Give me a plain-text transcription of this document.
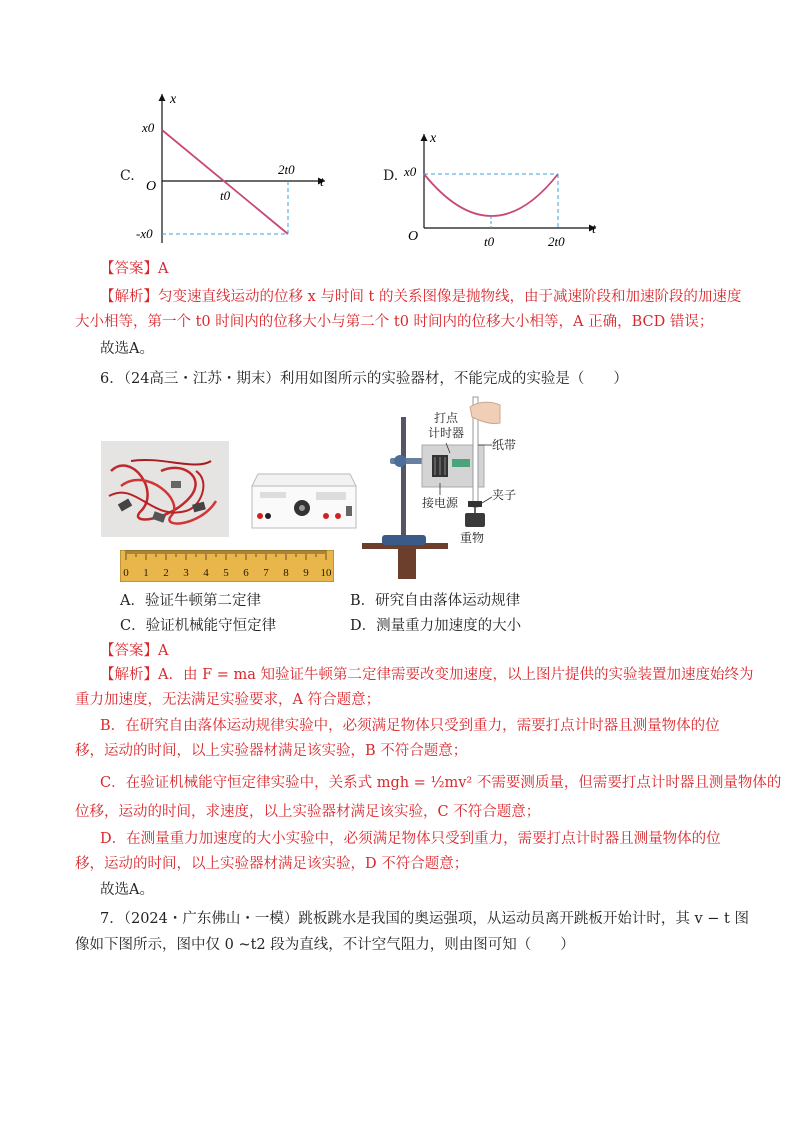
C.
x
t
O
x0
-x0
t0
2t0	D.
x
t
O
x0
t0	2t0
【答案】A
【解析】匀变速直线运动的位移 x 与时间 t 的关系图像是抛物线，由于减速阶段和加速阶段的加速度
大小相等，第一个 t0 时间内的位移大小与第二个 t0 时间内的位移大小相等，A 正确，BCD 错误；
故选A。
6．（24高三・江苏・期末）利用如图所示的实验器材，不能完成的实验是（　　）
打点
计时器
纸带
接电源
夹子
重物
0 1 2 3 4 5 6 7 8 9 10
A．验证牛顿第二定律	B．研究自由落体运动规律
C．验证机械能守恒定律	D．测量重力加速度的大小
【答案】A
【解析】A．由 F = ma 知验证牛顿第二定律需要改变加速度，以上图片提供的实验装置加速度始终为
重力加速度，无法满足实验要求，A 符合题意；
B．在研究自由落体运动规律实验中，必须满足物体只受到重力，需要打点计时器且测量物体的位
移，运动的时间，以上实验器材满足该实验，B 不符合题意；
C．在验证机械能守恒定律实验中，关系式 mgh = ½mv² 不需要测质量，但需要打点计时器且测量物体的
位移，运动的时间，求速度，以上实验器材满足该实验，C 不符合题意；
D．在测量重力加速度的大小实验中，必须满足物体只受到重力，需要打点计时器且测量物体的位
移，运动的时间，以上实验器材满足该实验，D 不符合题意；
故选A。
7．（2024・广东佛山・一模）跳板跳水是我国的奥运强项，从运动员离开跳板开始计时，其 v − t 图
像如下图所示，图中仅 0 ~t2 段为直线，不计空气阻力，则由图可知（　　）
